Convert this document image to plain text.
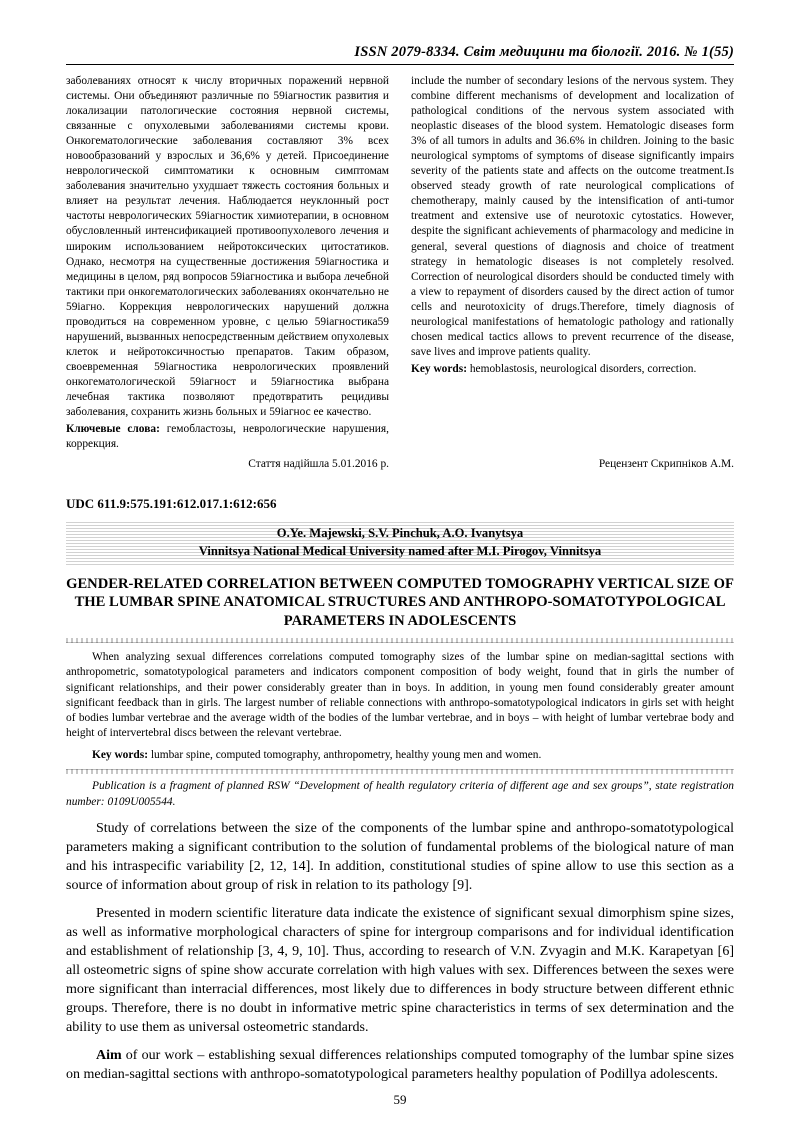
ISSN 2079-8334. Світ медицини та біології. 2016. № 1(55)

заболеваниях относят к числу вторичных поражений нервной системы. Они объединяют различные по 59іагностик развития и локализации патологические состояния нервной системы, связанные с опухолевыми заболеваниями системы крови. Онкогематологические заболевания составляют 3% всех новообразований у взрослых и 36,6% у детей. Присоединение неврологической симптоматики к основным симптомам заболевания значительно ухудшает тяжесть состояния больных и влияет на результат лечения. Наблюдается неуклонный рост частоты неврологических 59іагностик химиотерапии, в основном обусловленный интенсификацией противоопухолевого лечения и широким использованием нейротоксических цитостатиков. Однако, несмотря на существенные достижения 59іагностика и медицины в целом, ряд вопросов 59іагностика и выбора лечебной тактики при онкогематологических заболеваниях окончательно не 59іагно. Коррекция неврологических нарушений должна проводиться на современном уровне, с целью 59іагностика59 нарушений, вызванных непосредственным действием опухолевых клеток и нейротоксичностью препаратов. Таким образом, своевременная 59іагностика неврологических проявлений онкогематологической 59іагност и 59іагностика выбрана лечебная тактика позволяют предотвратить рецидивы заболевания, сохранить жизнь больных и 59іагнос ее качество.

Ключевые слова: гемобластозы, неврологические нарушения, коррекция.

include the number of secondary lesions of the nervous system. They combine different mechanisms of development and localization of pathological conditions of the nervous system associated with neoplastic diseases of the blood system. Hematologic diseases form 3% of all tumors in adults and 36.6% in children. Joining to the basic neurological symptoms of symptoms of disease significantly impairs severity of the patients state and affects on the outcome treatment.Is observed steady growth of rate neurological complications of chemotherapy, mainly caused by the intensification of anti-tumor treatment and extensive use of neurotoxic cytostatics. However, despite the significant achievements of pharmacology and medicine in general, several questions of diagnosis and choice of treatment strategy in hematologic diseases is not completely resolved. Correction of neurological disorders should be conducted timely with a view to repayment of disorders caused by the direct action of tumor cells and neurotoxicity of drugs.Therefore, timely diagnosis of neurological manifestations of hematologic pathology and rationally chosen medical tactics allows to prevent recurrence of the disease, save lives and improve patients quality.

Key words: hemoblastosis, neurological disorders, correction.

Стаття надійшла 5.01.2016 р.	Рецензент Скрипніков А.М.
UDC 611.9:575.191:612.017.1:612:656
O.Ye. Majewski, S.V. Pinchuk, A.O. Ivanytsya
Vinnitsya National Medical University named after M.I. Pirogov, Vinnitsya
GENDER-RELATED CORRELATION BETWEEN COMPUTED TOMOGRAPHY VERTICAL SIZE OF THE LUMBAR SPINE ANATOMICAL STRUCTURES AND ANTHROPO-SOMATOTYPOLOGICAL PARAMETERS IN ADOLESCENTS

When analyzing sexual differences correlations computed tomography sizes of the lumbar spine on median-sagittal sections with anthropometric, somatotypological parameters and indicators component composition of body weight, found that in girls the number of significant relationships, and their power considerably greater than in boys. In addition, in young men found considerably greater amount significant feedback than in girls. The largest number of reliable connections with anthropo-somatotypological indicators in girls set with height of bodies lumbar vertebrae and the average width of the bodies of the lumbar vertebrae, and in boys – with height of lumbar vertebrae body and height of intervertebral discs between the relevant vertebrae.

Key words: lumbar spine, computed tomography, anthropometry, healthy young men and women.

Publication is a fragment of planned RSW “Development of health regulatory criteria of different age and sex groups”, state registration number: 0109U005544.

Study of correlations between the size of the components of the lumbar spine and anthropo-somatotypological parameters making a significant contribution to the solution of fundamental problems of the biological nature of man and his intraspecific variability [2, 12, 14]. In addition, constitutional studies of spine allow to use this section as a source of information about group of risk in relation to its pathology [9].

Presented in modern scientific literature data indicate the existence of significant sexual dimorphism spine sizes, as well as informative morphological characters of spine for intergroup comparisons and for individual identification and establishment of relationship [3, 4, 9, 10]. Thus, according to research of V.N. Zvyagin and M.K. Karapetyan [6] all osteometric signs of spine show accurate correlation with high values with sex. Differences between the sexes were more significant than interracial differences, most likely due to differences in body structure between different ethnic groups. Therefore, there is no doubt in informative metric spine characteristics in terms of sex determination and the ability to use them as universal osteometric standards.

Aim of our work – establishing sexual differences relationships computed tomography of the lumbar spine sizes on median-sagittal sections with anthropo-somatotypological parameters healthy population of Podillya adolescents.

59
